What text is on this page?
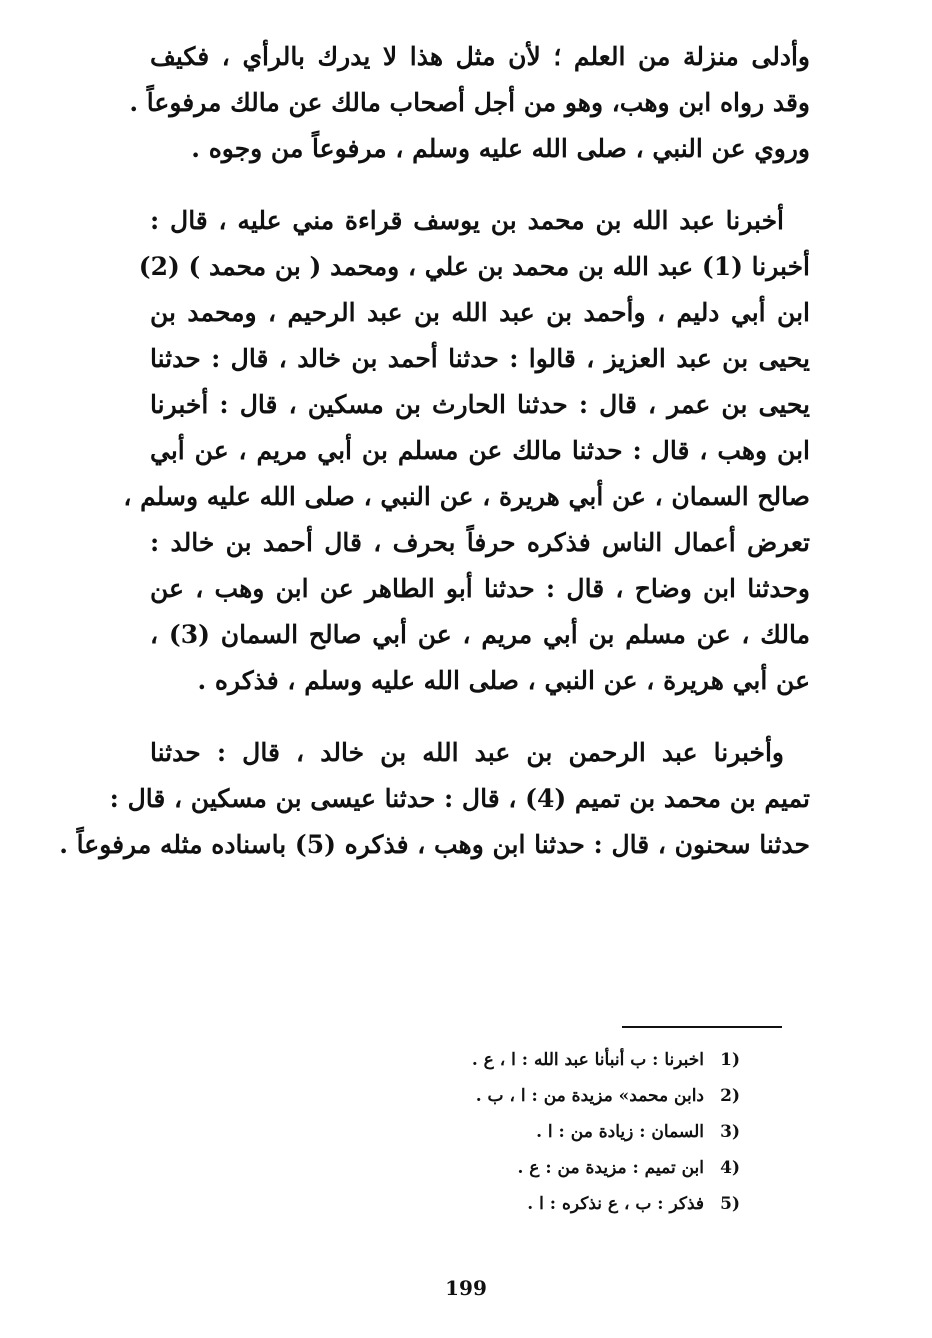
وأدلى منزلة من العلم ؛ لأن مثل هذا لا يدرك بالرأي ، فكيف
وقد رواه ابن وهب، وهو من أجل أصحاب مالك عن مالك مرفوعاً .
وروي عن النبي ، صلى الله عليه وسلم ، مرفوعاً من وجوه .
أخبرنا عبد الله بن محمد بن يوسف قراءة مني عليه ، قال :
أخبرنا (1) عبد الله بن محمد بن علي ، ومحمد ( بن محمد ) (2)
ابن أبي دليم ، وأحمد بن عبد الله بن عبد الرحيم ، ومحمد بن
يحيى بن عبد العزيز ، قالوا : حدثنا أحمد بن خالد ، قال : حدثنا
يحيى بن عمر ، قال : حدثنا الحارث بن مسكين ، قال : أخبرنا
ابن وهب ، قال : حدثنا مالك عن مسلم بن أبي مريم ، عن أبي
صالح السمان ، عن أبي هريرة ، عن النبي ، صلى الله عليه وسلم ،
تعرض أعمال الناس فذكره حرفاً بحرف ، قال أحمد بن خالد :
وحدثنا ابن وضاح ، قال : حدثنا أبو الطاهر عن ابن وهب ، عن
مالك ، عن مسلم بن أبي مريم ، عن أبي صالح السمان (3) ،
عن أبي هريرة ، عن النبي ، صلى الله عليه وسلم ، فذكره .
وأخبرنا عبد الرحمن بن عبد الله بن خالد ، قال : حدثنا
تميم بن محمد بن تميم (4) ، قال : حدثنا عيسى بن مسكين ، قال :
حدثنا سحنون ، قال : حدثنا ابن وهب ، فذكره (5) باسناده مثله مرفوعاً .
1)اخبرنا : ب أنبأنا عبد الله : ا ، ع .
2)دابن محمد» مزيدة من : ا ، ب .
3)السمان : زيادة من : ا .
4)ابن تميم : مزيدة من : ع .
5)فذكر : ب ، ع نذكره : ا .
199
